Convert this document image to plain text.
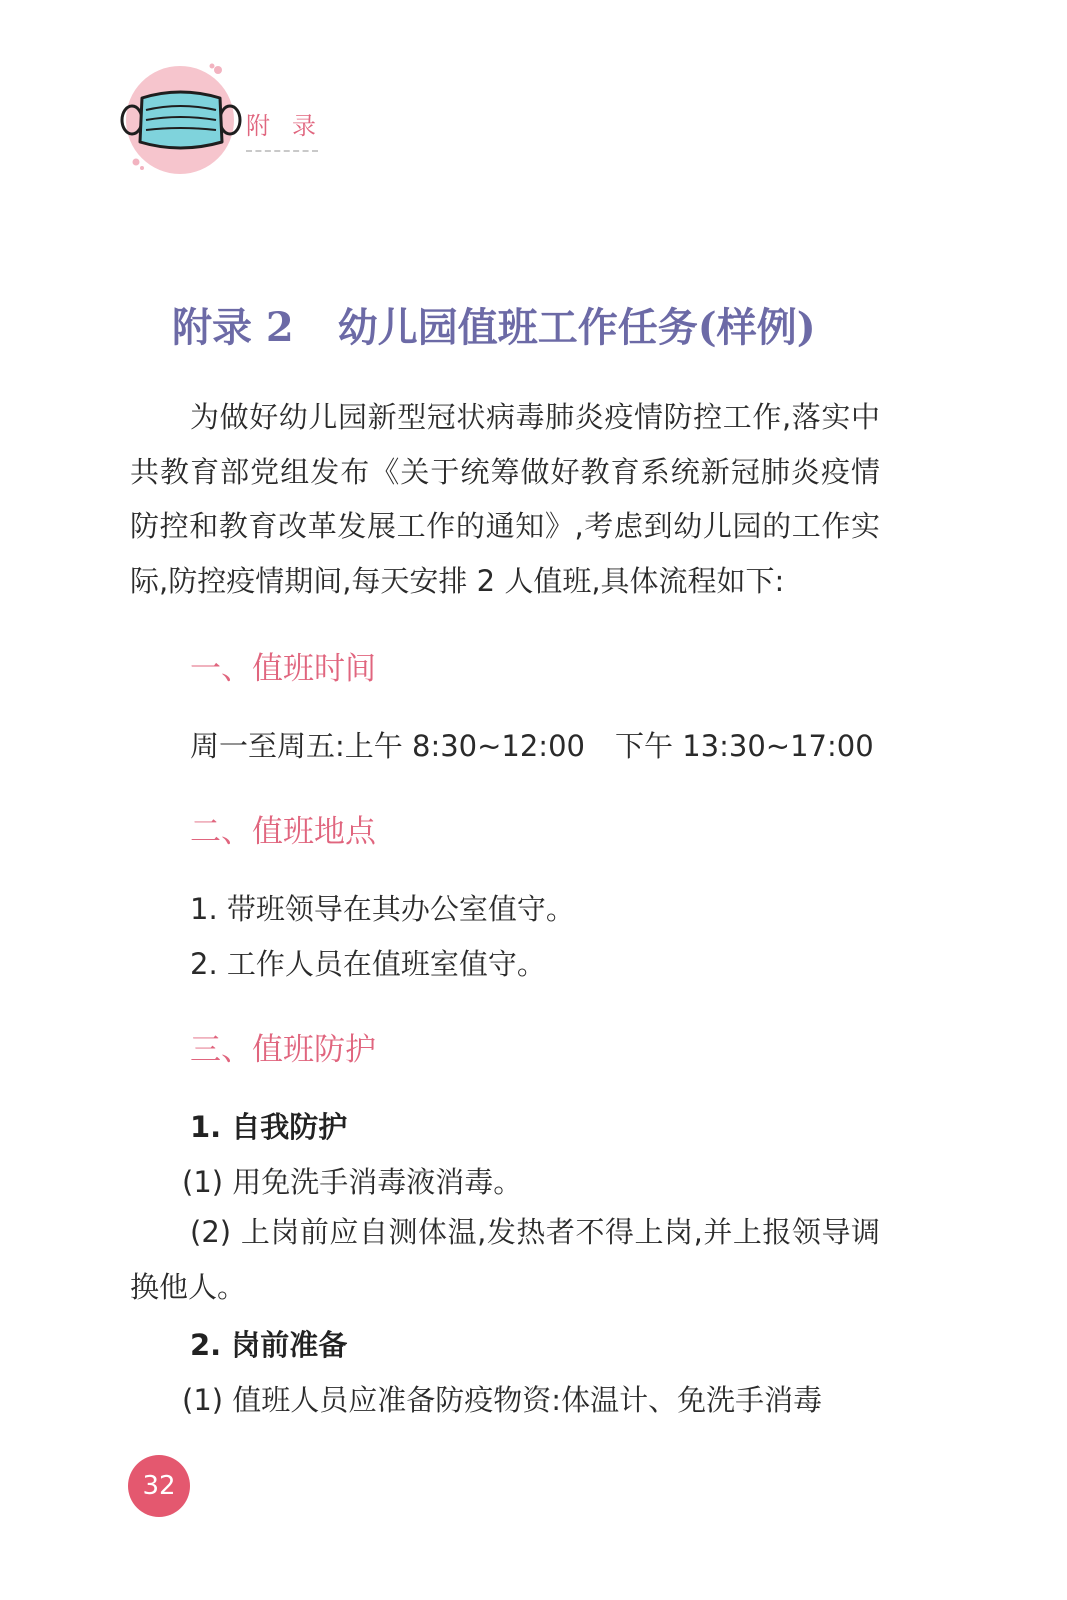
附录
附录 2 幼儿园值班工作任务(样例)
为做好幼儿园新型冠状病毒肺炎疫情防控工作,落实中共教育部党组发布《关于统筹做好教育系统新冠肺炎疫情防控和教育改革发展工作的通知》,考虑到幼儿园的工作实际,防控疫情期间,每天安排 2 人值班,具体流程如下:
一、值班时间
周一至周五:上午 8:30~12:00 下午 13:30~17:00
二、值班地点
1. 带班领导在其办公室值守。
2. 工作人员在值班室值守。
三、值班防护
1. 自我防护
(1) 用免洗手消毒液消毒。
(2) 上岗前应自测体温,发热者不得上岗,并上报领导调换他人。
2. 岗前准备
(1) 值班人员应准备防疫物资:体温计、免洗手消毒
32
